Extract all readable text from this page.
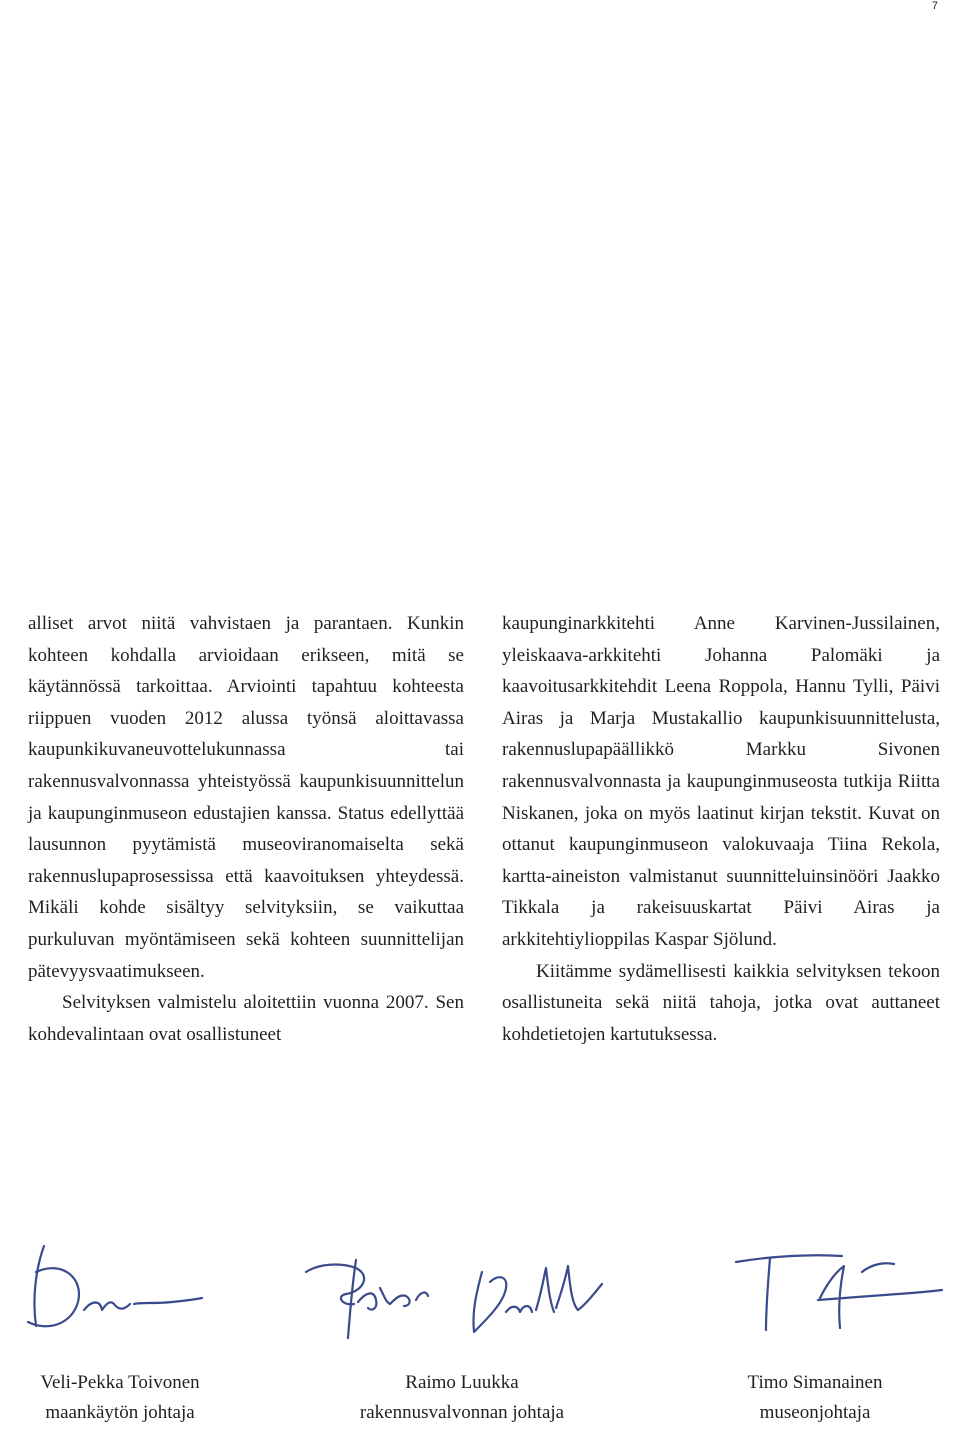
7

alliset arvot niitä vahvistaen ja parantaen. Kunkin kohteen kohdalla arvioidaan erikseen, mitä se käytännössä tarkoittaa. Arviointi tapahtuu kohteesta riippuen vuoden 2012 alussa työnsä aloittavassa kaupunkikuvaneuvottelukunnassa tai rakennusvalvonnassa yhteistyössä kaupunkisuunnittelun ja kaupunginmuseon edustajien kanssa. Status edellyttää lausunnon pyytämistä museoviranomaiselta sekä rakennuslupaprosessissa että kaavoituksen yhteydessä. Mikäli kohde sisältyy selvityksiin, se vaikuttaa purkuluvan myöntämiseen sekä kohteen suunnittelijan pätevyysvaatimukseen.

Selvityksen valmistelu aloitettiin vuonna 2007. Sen kohdevalintaan ovat osallistuneet

kaupunginarkkitehti Anne Karvinen-Jussilainen, yleiskaava-arkkitehti Johanna Palomäki ja kaavoitusarkkitehdit Leena Roppola, Hannu Tylli, Päivi Airas ja Marja Mustakallio kaupunkisuunnittelusta, rakennuslupapäällikkö Markku Sivonen rakennusvalvonnasta ja kaupunginmuseosta tutkija Riitta Niskanen, joka on myös laatinut kirjan tekstit. Kuvat on ottanut kaupunginmuseon valokuvaaja Tiina Rekola, kartta-aineiston valmistanut suunnitteluinsinööri Jaakko Tikkala ja rakeisuuskartat Päivi Airas ja arkkitehtiylioppilas Kaspar Sjölund.

Kiitämme sydämellisesti kaikkia selvityksen tekoon osallistuneita sekä niitä tahoja, jotka ovat auttaneet kohdetietojen kartutuksessa.

Veli-Pekka Toivonen
maankäytön johtaja
Raimo Luukka
rakennusvalvonnan johtaja
Timo Simanainen
museonjohtaja
